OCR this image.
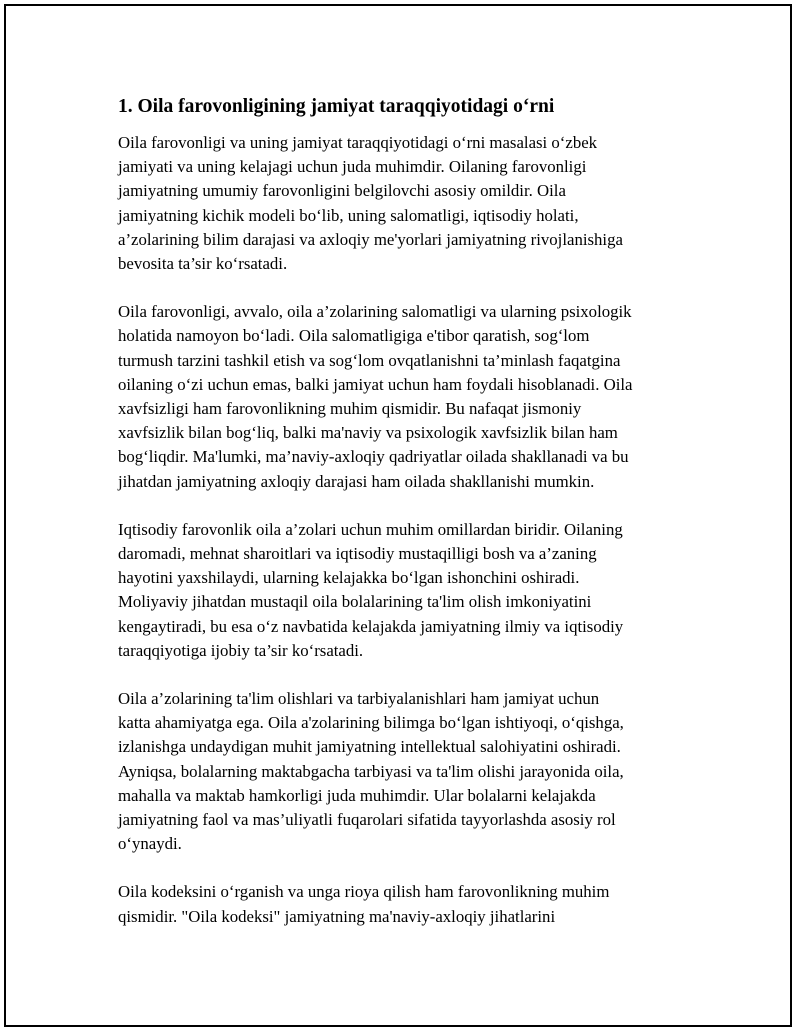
1. Oila farovonligining jamiyat taraqqiyotidagi o‘rni

Oila farovonligi va uning jamiyat taraqqiyotidagi o‘rni masalasi o‘zbek
jamiyati va uning kelajagi uchun juda muhimdir. Oilaning farovonligi
jamiyatning umumiy farovonligini belgilovchi asosiy omildir. Oila
jamiyatning kichik modeli bo‘lib, uning salomatligi, iqtisodiy holati,
a’zolarining bilim darajasi va axloqiy me'yorlari jamiyatning rivojlanishiga
bevosita ta’sir ko‘rsatadi.

Oila farovonligi, avvalo, oila a’zolarining salomatligi va ularning psixologik
holatida namoyon bo‘ladi. Oila salomatligiga e'tibor qaratish, sog‘lom
turmush tarzini tashkil etish va sog‘lom ovqatlanishni ta’minlash faqatgina
oilaning o‘zi uchun emas, balki jamiyat uchun ham foydali hisoblanadi. Oila
xavfsizligi ham farovonlikning muhim qismidir. Bu nafaqat jismoniy
xavfsizlik bilan bog‘liq, balki ma'naviy va psixologik xavfsizlik bilan ham
bog‘liqdir. Ma'lumki, ma’naviy-axloqiy qadriyatlar oilada shakllanadi va bu
jihatdan jamiyatning axloqiy darajasi ham oilada shakllanishi mumkin.

Iqtisodiy farovonlik oila a’zolari uchun muhim omillardan biridir. Oilaning
daromadi, mehnat sharoitlari va iqtisodiy mustaqilligi bosh va a’zaning
hayotini yaxshilaydi, ularning kelajakka bo‘lgan ishonchini oshiradi.
Moliyaviy jihatdan mustaqil oila bolalarining ta'lim olish imkoniyatini
kengaytiradi, bu esa o‘z navbatida kelajakda jamiyatning ilmiy va iqtisodiy
taraqqiyotiga ijobiy ta’sir ko‘rsatadi.

Oila a’zolarining ta'lim olishlari va tarbiyalanishlari ham jamiyat uchun
katta ahamiyatga ega. Oila a'zolarining bilimga bo‘lgan ishtiyoqi, o‘qishga,
izlanishga undaydigan muhit jamiyatning intellektual salohiyatini oshiradi.
Ayniqsa, bolalarning maktabgacha tarbiyasi va ta'lim olishi jarayonida oila,
mahalla va maktab hamkorligi juda muhimdir. Ular bolalarni kelajakda
jamiyatning faol va mas’uliyatli fuqarolari sifatida tayyorlashda asosiy rol
o‘ynaydi.

Oila kodeksini o‘rganish va unga rioya qilish ham farovonlikning muhim
qismidir. "Oila kodeksi" jamiyatning ma'naviy-axloqiy jihatlarini
